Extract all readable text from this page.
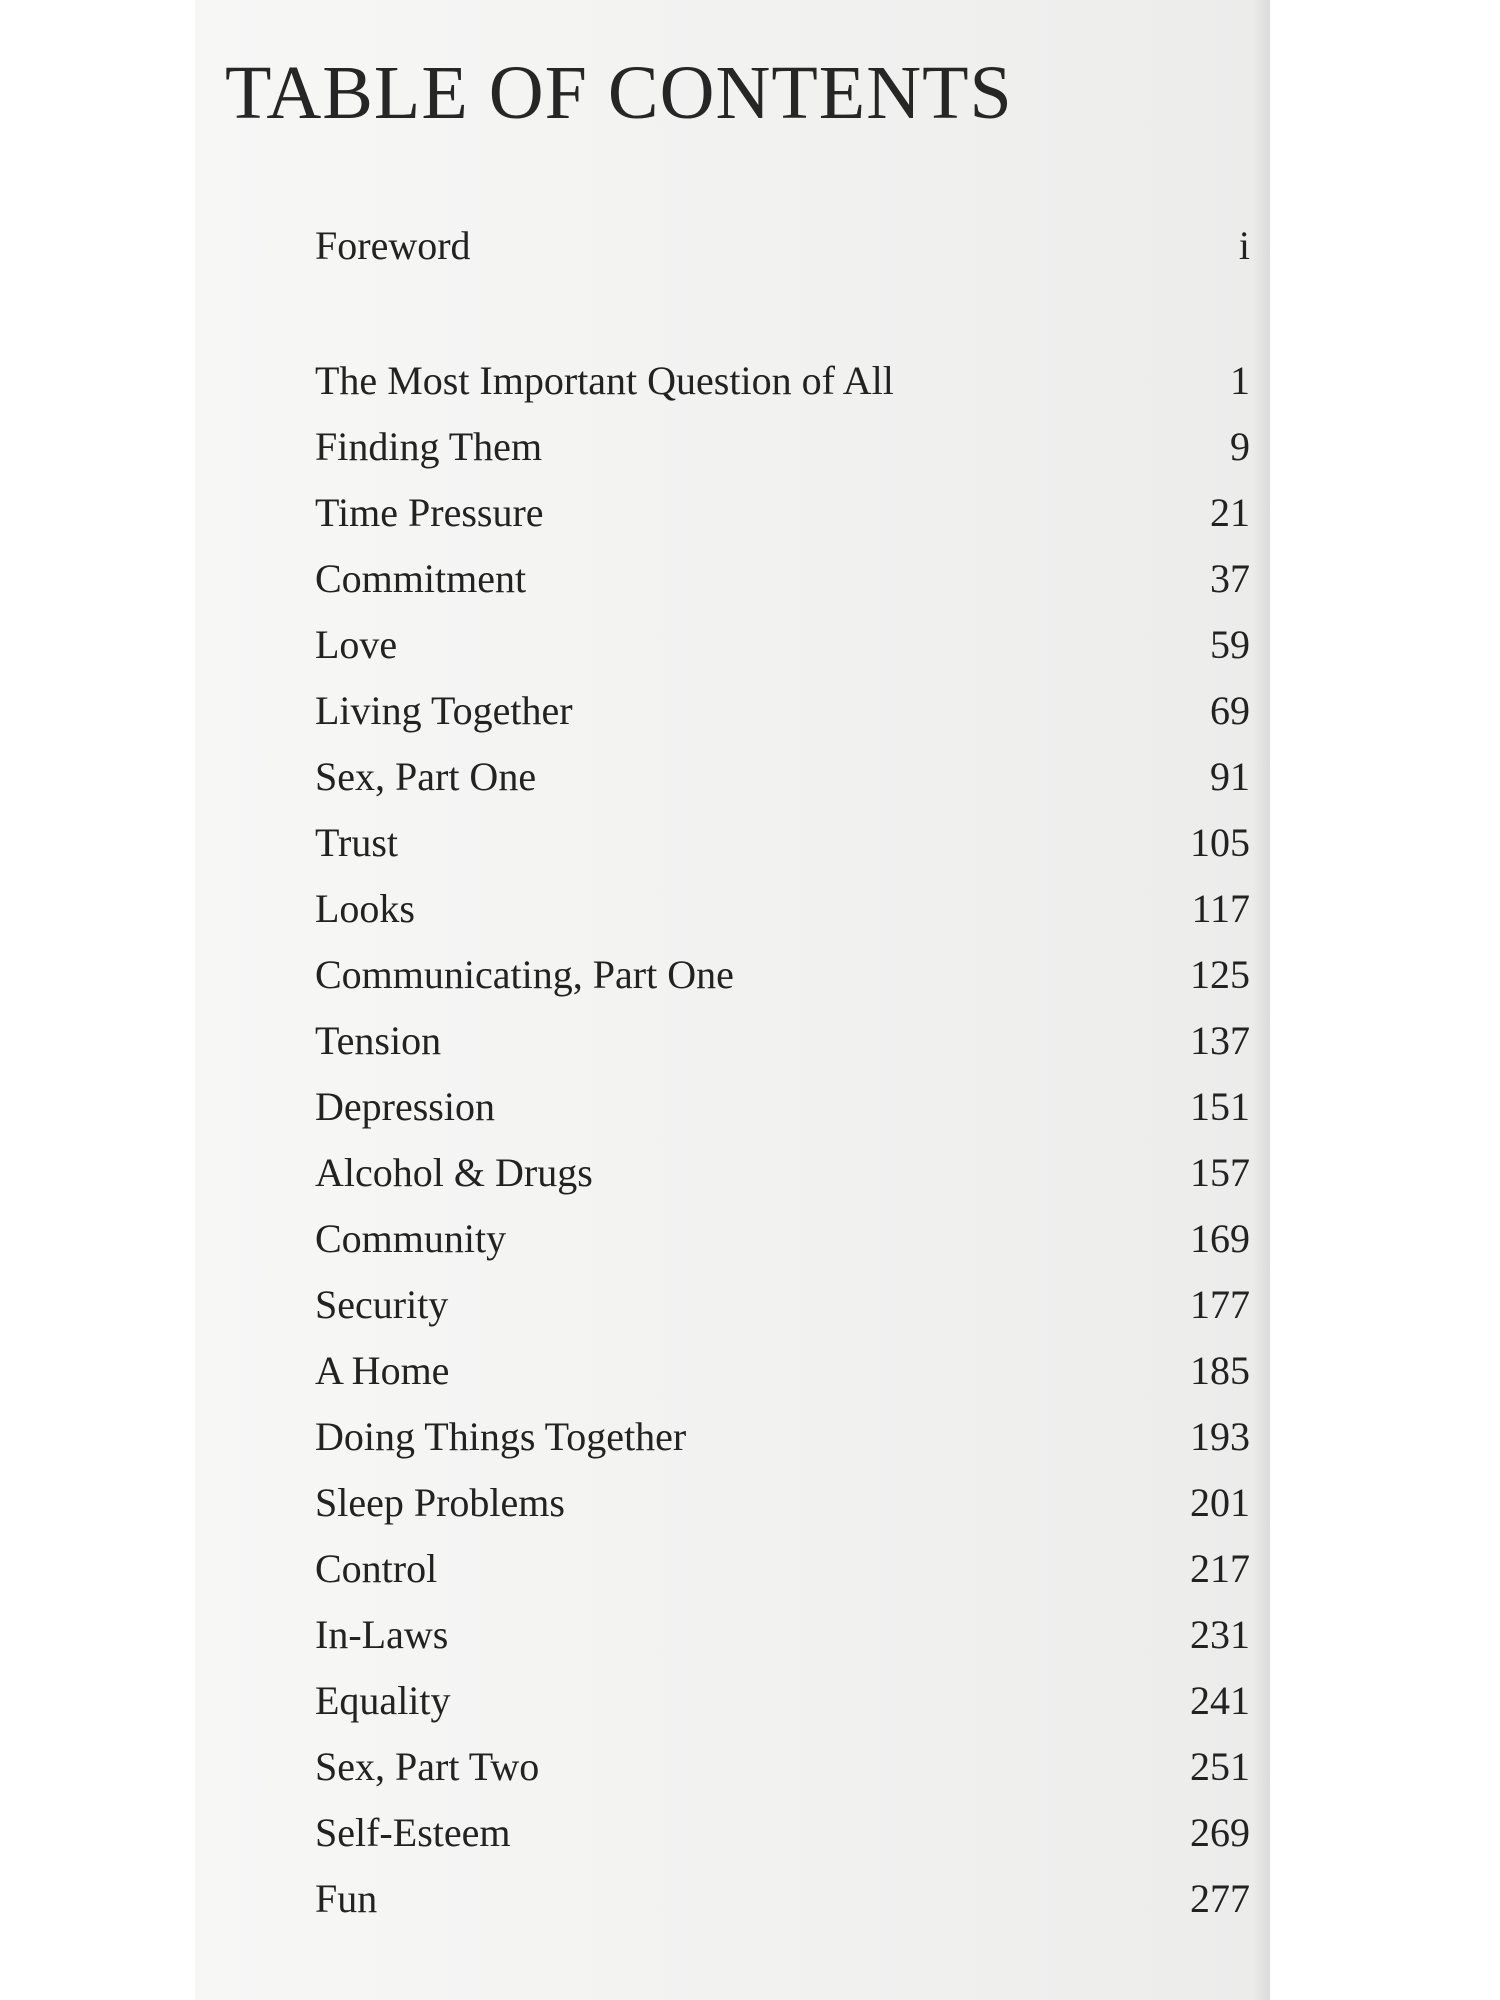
TABLE OF CONTENTS
Foreword	i
The Most Important Question of All	1
Finding Them	9
Time Pressure	21
Commitment	37
Love	59
Living Together	69
Sex, Part One	91
Trust	105
Looks	117
Communicating, Part One	125
Tension	137
Depression	151
Alcohol & Drugs	157
Community	169
Security	177
A Home	185
Doing Things Together	193
Sleep Problems	201
Control	217
In-Laws	231
Equality	241
Sex, Part Two	251
Self-Esteem	269
Fun	277
